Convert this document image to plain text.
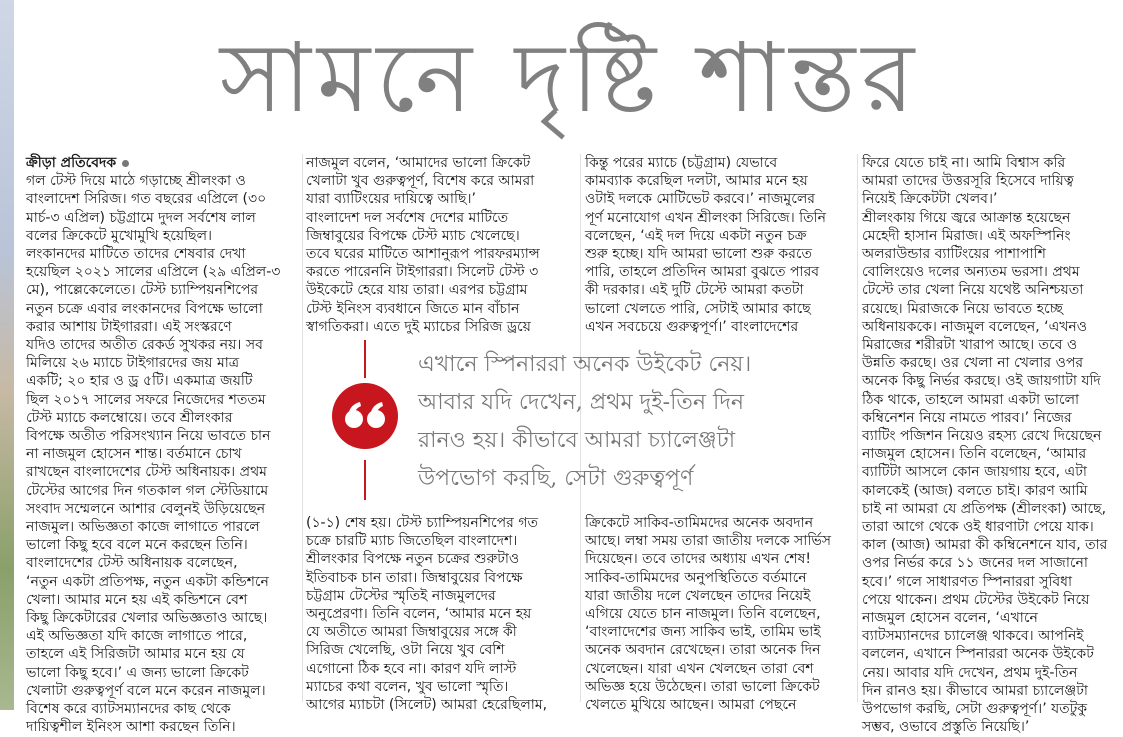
সামনে দৃষ্টি শান্তর

ক্রীড়া প্রতিবেদক

গল টেস্ট দিয়ে মাঠে গড়াচ্ছে শ্রীলংকা ও

বাংলাদেশ সিরিজ। গত বছরের এপ্রিলে (৩০

মার্চ-৩ এপ্রিল) চট্টগ্রামে দুদল সর্বশেষ লাল

বলের ক্রিকেটে মুখোমুখি হয়েছিল।

লংকানদের মাটিতে তাদের শেষবার দেখা

হয়েছিল ২০২১ সালের এপ্রিলে (২৯ এপ্রিল-৩

মে), পাল্লেকেলেতে। টেস্ট চ্যাম্পিয়নশিপের

নতুন চক্রে এবার লংকানদের বিপক্ষে ভালো

করার আশায় টাইগাররা। এই সংস্করণে

যদিও তাদের অতীত রেকর্ড সুখকর নয়। সব

মিলিয়ে ২৬ ম্যাচে টাইগারদের জয় মাত্র

একটি; ২০ হার ও ড্র ৫টি। একমাত্র জয়টি

ছিল ২০১৭ সালের সফরে নিজেদের শততম

টেস্ট ম্যাচে কলম্বোয়ে। তবে শ্রীলংকার

বিপক্ষে অতীত পরিসংখ্যান নিয়ে ভাবতে চান

না নাজমুল হোসেন শান্ত। বর্তমানে চোখ

রাখছেন বাংলাদেশের টেস্ট অধিনায়ক। প্রথম

টেস্টের আগের দিন গতকাল গল স্টেডিয়ামে

সংবাদ সম্মেলনে আশার বেলুনই উড়িয়েছেন

নাজমুল। অভিজ্ঞতা কাজে লাগাতে পারলে

ভালো কিছু হবে বলে মনে করছেন তিনি।

বাংলাদেশের টেস্ট অধিনায়ক বলেছেন,

‘নতুন একটা প্রতিপক্ষ, নতুন একটা কন্ডিশনে

খেলা। আমার মনে হয় এই কন্ডিশনে বেশ

কিছু ক্রিকেটারের খেলার অভিজ্ঞতাও আছে।

এই অভিজ্ঞতা যদি কাজে লাগাতে পারে,

তাহলে এই সিরিজটা আমার মনে হয় যে

ভালো কিছু হবে।’ এ জন্য ভালো ক্রিকেট

খেলাটা গুরুত্বপূর্ণ বলে মনে করেন নাজমুল।

বিশেষ করে ব্যাটসম্যানদের কাছ থেকে

দায়িত্বশীল ইনিংস আশা করছেন তিনি।

নাজমুল বলেন, ‘আমাদের ভালো ক্রিকেট

খেলাটা খুব গুরুত্বপূর্ণ, বিশেষ করে আমরা

যারা ব্যাটিংয়ের দায়িত্বে আছি।’

বাংলাদেশ দল সর্বশেষ দেশের মাটিতে

জিম্বাবুয়ের বিপক্ষে টেস্ট ম্যাচ খেলেছে।

তবে ঘরের মাটিতে আশানুরূপ পারফরম্যান্স

করতে পারেননি টাইগাররা। সিলেট টেস্ট ৩

উইকেটে হেরে যায় তারা। এরপর চট্টগ্রাম

টেস্ট ইনিংস ব্যবধানে জিতে মান বাঁচান

স্বাগতিকরা। এতে দুই ম্যাচের সিরিজ ড্রয়ে

কিন্তু পরের ম্যাচে (চট্টগ্রাম) যেভাবে

কামব্যাক করেছিল দলটা, আমার মনে হয়

ওটাই দলকে মোটিভেট করবে।’ নাজমুলের

পূর্ণ মনোযোগ এখন শ্রীলংকা সিরিজে। তিনি

বলেছেন, ‘এই দল দিয়ে একটা নতুন চক্র

শুরু হচ্ছে। যদি আমরা ভালো শুরু করতে

পারি, তাহলে প্রতিদিন আমরা বুঝতে পারব

কী দরকার। এই দুটি টেস্টে আমরা কতটা

ভালো খেলতে পারি, সেটাই আমার কাছে

এখন সবচেয়ে গুরুত্বপূর্ণ।’ বাংলাদেশের

এখানে স্পিনাররা অনেক উইকেট নেয়।

আবার যদি দেখেন, প্রথম দুই-তিন দিন

রানও হয়। কীভাবে আমরা চ্যালেঞ্জটা

উপভোগ করছি, সেটা গুরুত্বপূর্ণ

(১-১) শেষ হয়। টেস্ট চ্যাম্পিয়নশিপের গত

চক্রে চারটি ম্যাচ জিতেছিল বাংলাদেশ।

শ্রীলংকার বিপক্ষে নতুন চক্রের শুরুটাও

ইতিবাচক চান তারা। জিম্বাবুয়ের বিপক্ষে

চট্টগ্রাম টেস্টের স্মৃতিই নাজমুলদের

অনুপ্রেরণা। তিনি বলেন, ‘আমার মনে হয়

যে অতীতে আমরা জিম্বাবুয়ের সঙ্গে কী

সিরিজ খেলেছি, ওটা নিয়ে খুব বেশি

এগোনো ঠিক হবে না। কারণ যদি লাস্ট

ম্যাচের কথা বলেন, খুব ভালো স্মৃতি।

আগের ম্যাচটা (সিলেট) আমরা হেরেছিলাম,

ক্রিকেটে সাকিব-তামিমদের অনেক অবদান

আছে। লম্বা সময় তারা জাতীয় দলকে সার্ভিস

দিয়েছেন। তবে তাদের অধ্যায় এখন শেষ!

সাকিব-তামিমদের অনুপস্থিতিতে বর্তমানে

যারা জাতীয় দলে খেলছেন তাদের নিয়েই

এগিয়ে যেতে চান নাজমুল। তিনি বলেছেন,

‘বাংলাদেশের জন্য সাকিব ভাই, তামিম ভাই

অনেক অবদান রেখেছেন। তারা অনেক দিন

খেলেছেন। যারা এখন খেলছেন তারা বেশ

অভিজ্ঞ হয়ে উঠেছেন। তারা ভালো ক্রিকেট

খেলতে মুখিয়ে আছেন। আমরা পেছনে

ফিরে যেতে চাই না। আমি বিশ্বাস করি

আমরা তাদের উত্তরসূরি হিসেবে দায়িত্ব

নিয়েই ক্রিকেটটা খেলব।’

শ্রীলংকায় গিয়ে জ্বরে আক্রান্ত হয়েছেন

মেহেদী হাসান মিরাজ। এই অফস্পিনিং

অলরাউন্ডার ব্যাটিংয়ের পাশাপাশি

বোলিংয়েও দলের অন্যতম ভরসা। প্রথম

টেস্টে তার খেলা নিয়ে যথেষ্ট অনিশ্চয়তা

রয়েছে। মিরাজকে নিয়ে ভাবতে হচ্ছে

অধিনায়ককে। নাজমুল বলেছেন, ‘এখনও

মিরাজের শরীরটা খারাপ আছে। তবে ও

উন্নতি করছে। ওর খেলা না খেলার ওপর

অনেক কিছু নির্ভর করছে। ওই জায়গাটা যদি

ঠিক থাকে, তাহলে আমরা একটা ভালো

কম্বিনেশন নিয়ে নামতে পারব।’ নিজের

ব্যাটিং পজিশন নিয়েও রহস্য রেখে দিয়েছেন

নাজমুল হোসেন। তিনি বলেছেন, ‘আমার

ব্যাটিটা আসলে কোন জায়গায় হবে, এটা

কালকেই (আজ) বলতে চাই। কারণ আমি

চাই না আমরা যে প্রতিপক্ষ (শ্রীলংকা) আছে,

তারা আগে থেকে ওই ধারণাটা পেয়ে যাক।

কাল (আজ) আমরা কী কম্বিনেশনে যাব, তার

ওপর নির্ভর করে ১১ জনের দল সাজানো

হবে।’ গলে সাধারণত স্পিনাররা সুবিধা

পেয়ে থাকেন। প্রথম টেস্টের উইকেট নিয়ে

নাজমুল হোসেন বলেন, ‘এখানে

ব্যাটসম্যানদের চ্যালেঞ্জ থাকবে। আপনিই

বললেন, এখানে স্পিনাররা অনেক উইকেট

নেয়। আবার যদি দেখেন, প্রথম দুই-তিন

দিন রানও হয়। কীভাবে আমরা চ্যালেঞ্জটা

উপভোগ করছি, সেটা গুরুত্বপূর্ণ।’ যতটুকু

সম্ভব, ওভাবে প্রস্তুতি নিয়েছি।’
